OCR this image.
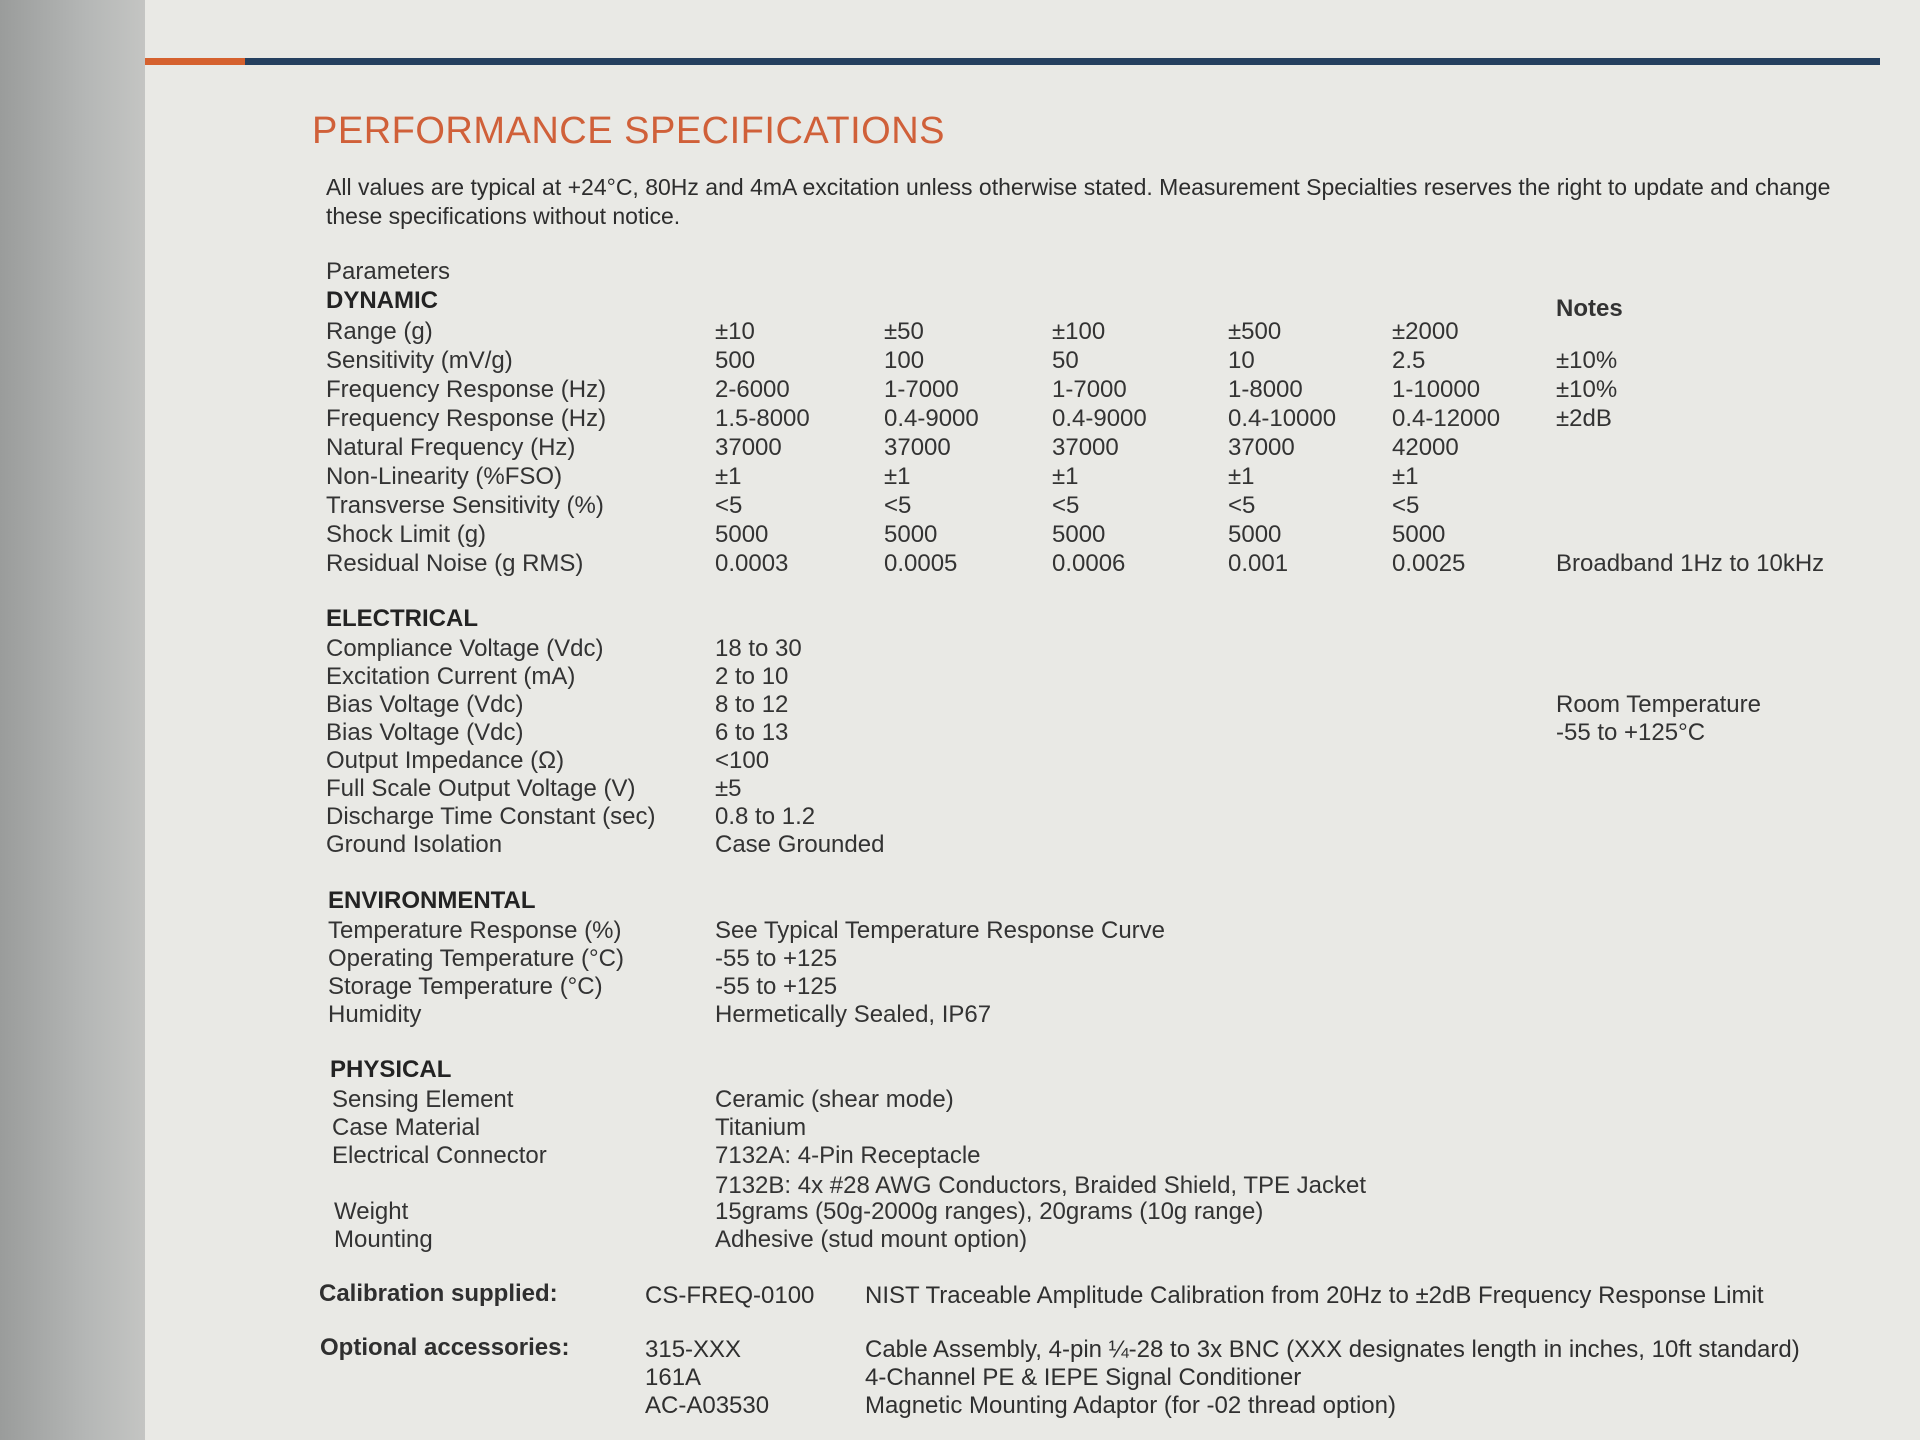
PERFORMANCE SPECIFICATIONS
All values are typical at +24°C, 80Hz and 4mA excitation unless otherwise stated. Measurement Specialties reserves the right to update and change these specifications without notice.
Parameters
Notes
DYNAMIC
Range (g)	±10	±50	±100	±500	±2000
Sensitivity (mV/g)	500	100	50	10	2.5	±10%
Frequency Response (Hz)	2-6000	1-7000	1-7000	1-8000	1-10000	±10%
Frequency Response (Hz)	1.5-8000	0.4-9000	0.4-9000	0.4-10000 0.4-12000 ±2dB
Natural Frequency (Hz)	37000	37000	37000	37000	42000
Non-Linearity (%FSO)	±1	±1	±1	±1	±1
Transverse Sensitivity (%)	<5	<5	<5	<5	<5
Shock Limit (g)	5000	5000	5000	5000	5000
Residual Noise (g RMS)	0.0003	0.0005	0.0006	0.001	0.0025	Broadband 1Hz to 10kHz
ELECTRICAL
Compliance Voltage (Vdc)	18 to 30
Excitation Current (mA)	2 to 10
Bias Voltage (Vdc)	8 to 12	Room Temperature
Bias Voltage (Vdc)	6 to 13	-55 to +125°C
Output Impedance (Ω)	<100
Full Scale Output Voltage (V)	±5
Discharge Time Constant (sec) 0.8 to 1.2
Ground Isolation	Case Grounded
ENVIRONMENTAL
Temperature Response (%)	See Typical Temperature Response Curve
Operating Temperature (°C)	-55 to +125
Storage Temperature (°C)	-55 to +125
Humidity	Hermetically Sealed, IP67
PHYSICAL
Sensing Element	Ceramic (shear mode)
Case Material	Titanium
Electrical Connector	7132A: 4-Pin Receptacle
7132B: 4x #28 AWG Conductors, Braided Shield, TPE Jacket
Weight	15grams (50g-2000g ranges), 20grams (10g range)
Mounting	Adhesive (stud mount option)
Calibration supplied:	CS-FREQ-0100 NIST Traceable Amplitude Calibration from 20Hz to ±2dB Frequency Response Limit
Optional accessories:	315-XXX	Cable Assembly, 4-pin ¼-28 to 3x BNC (XXX designates length in inches, 10ft standard)
161A	4-Channel PE & IEPE Signal Conditioner
AC-A03530	Magnetic Mounting Adaptor (for -02 thread option)
